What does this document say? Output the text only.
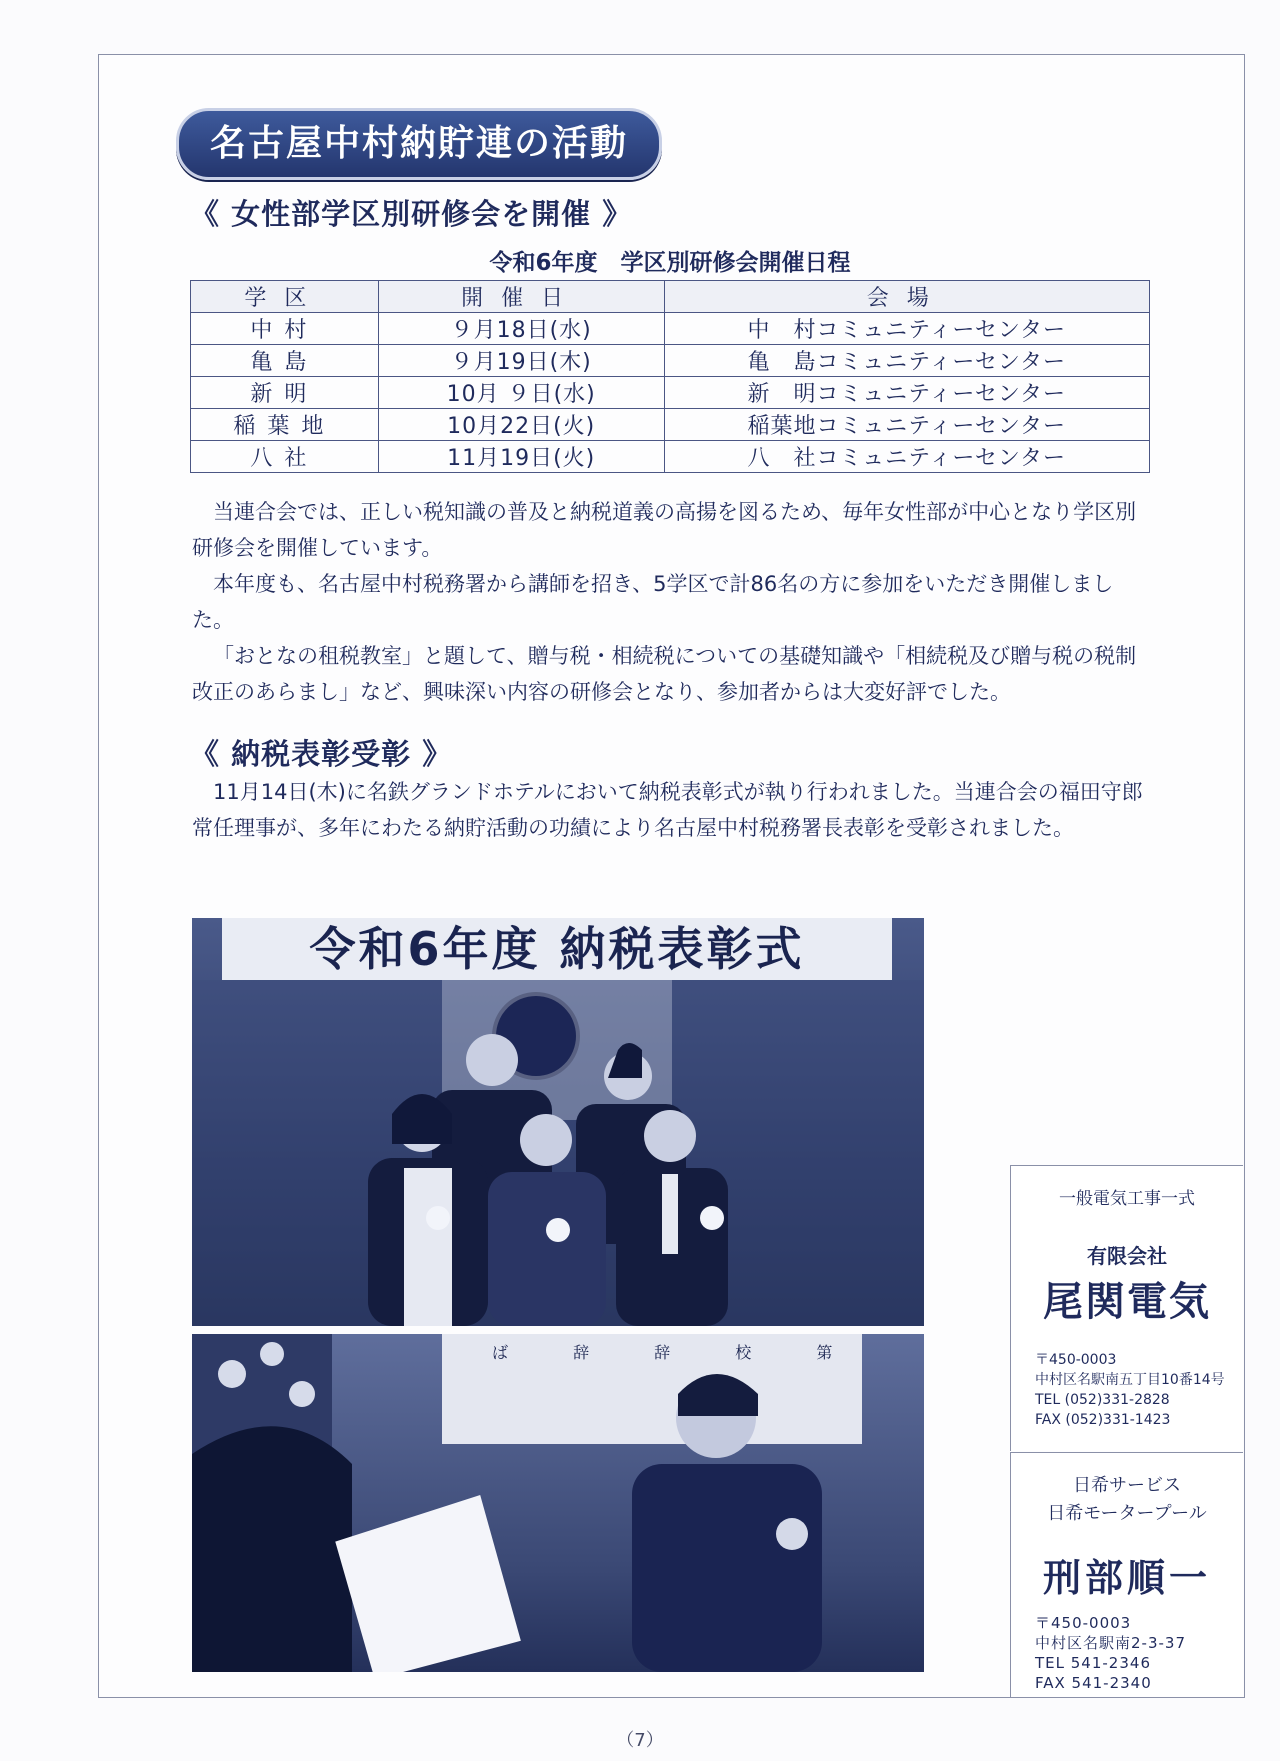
名古屋中村納貯連の活動
《 女性部学区別研修会を開催 》
令和6年度　学区別研修会開催日程
学区	開催日	会場
中村	９月18日(水)	中　村コミュニティーセンター
亀島	９月19日(木)	亀　島コミュニティーセンター
新明	10月 ９日(水)	新　明コミュニティーセンター
稲葉地	10月22日(火)	稲葉地コミュニティーセンター
八社	11月19日(火)	八　社コミュニティーセンター

当連合会では、正しい税知識の普及と納税道義の高揚を図るため、毎年女性部が中心となり学区別研修会を開催しています。

本年度も、名古屋中村税務署から講師を招き、5学区で計86名の方に参加をいただき開催しました。

「おとなの租税教室」と題して、贈与税・相続税についての基礎知識や「相続税及び贈与税の税制改正のあらまし」など、興味深い内容の研修会となり、参加者からは大変好評でした。

《 納税表彰受彰 》

11月14日(木)に名鉄グランドホテルにおいて納税表彰式が執り行われました。当連合会の福田守郎常任理事が、多年にわたる納貯活動の功績により名古屋中村税務署長表彰を受彰されました。

令和6年度 納税表彰式
ば 辞 辞 校 第
一般電気工事一式
有限会社
尾関電気
〒450-0003
中村区名駅南五丁目10番14号
TEL (052)331-2828
FAX (052)331-1423
日希サービス
日希モータープール
刑部順一
〒450-0003
中村区名駅南2-3-37
TEL 541-2346
FAX 541-2340
（7）
